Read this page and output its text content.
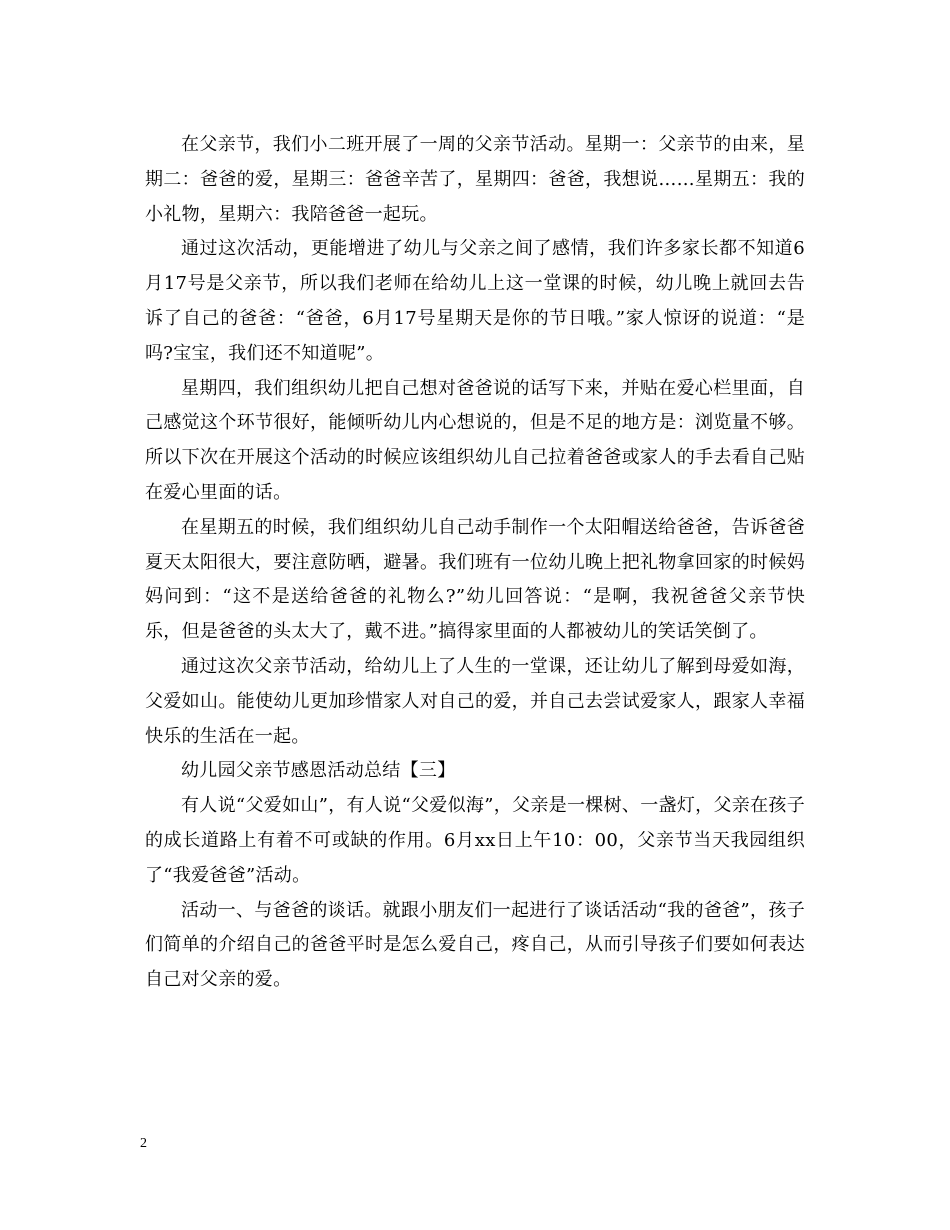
在父亲节，我们小二班开展了一周的父亲节活动。星期一：父亲节的由来，星期二：爸爸的爱，星期三：爸爸辛苦了，星期四：爸爸，我想说……星期五：我的小礼物，星期六：我陪爸爸一起玩。

通过这次活动，更能增进了幼儿与父亲之间了感情，我们许多家长都不知道6月17号是父亲节，所以我们老师在给幼儿上这一堂课的时候，幼儿晚上就回去告诉了自己的爸爸：“爸爸，6月17号星期天是你的节日哦。”家人惊讶的说道：“是吗?宝宝，我们还不知道呢”。

星期四，我们组织幼儿把自己想对爸爸说的话写下来，并贴在爱心栏里面，自己感觉这个环节很好，能倾听幼儿内心想说的，但是不足的地方是：浏览量不够。所以下次在开展这个活动的时候应该组织幼儿自己拉着爸爸或家人的手去看自己贴在爱心里面的话。

在星期五的时候，我们组织幼儿自己动手制作一个太阳帽送给爸爸，告诉爸爸夏天太阳很大，要注意防晒，避暑。我们班有一位幼儿晚上把礼物拿回家的时候妈妈问到：“这不是送给爸爸的礼物么?”幼儿回答说：“是啊，我祝爸爸父亲节快乐，但是爸爸的头太大了，戴不进。”搞得家里面的人都被幼儿的笑话笑倒了。

通过这次父亲节活动，给幼儿上了人生的一堂课，还让幼儿了解到母爱如海，父爱如山。能使幼儿更加珍惜家人对自己的爱，并自己去尝试爱家人，跟家人幸福快乐的生活在一起。

幼儿园父亲节感恩活动总结【三】

有人说“父爱如山”，有人说“父爱似海”，父亲是一棵树、一盏灯，父亲在孩子的成长道路上有着不可或缺的作用。6月xx日上午10：00，父亲节当天我园组织了“我爱爸爸”活动。

活动一、与爸爸的谈话。就跟小朋友们一起进行了谈话活动“我的爸爸”，孩子们简单的介绍自己的爸爸平时是怎么爱自己，疼自己，从而引导孩子们要如何表达自己对父亲的爱。

2
